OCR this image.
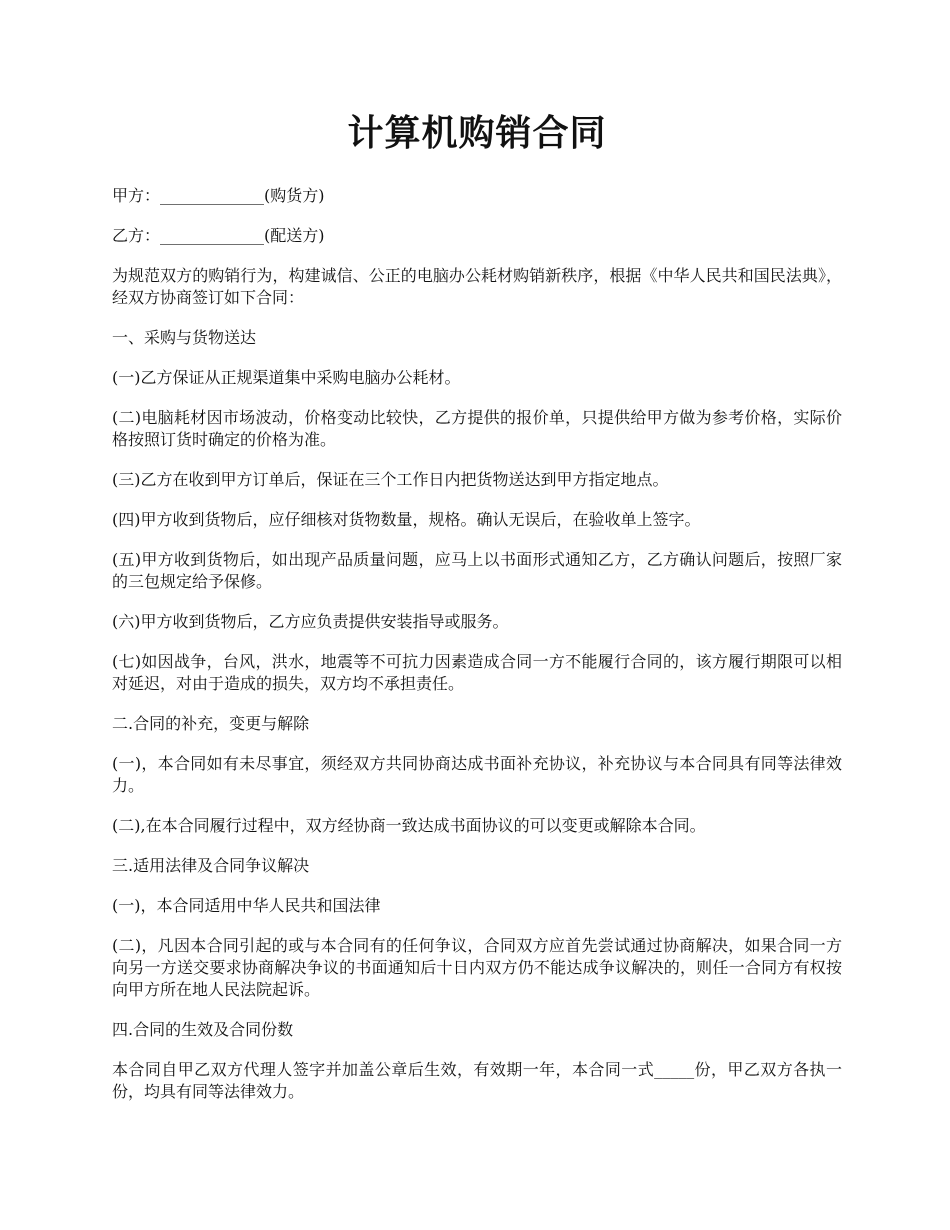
计算机购销合同

甲方：_____________(购货方)

乙方：_____________(配送方)

为规范双方的购销行为，构建诚信、公正的电脑办公耗材购销新秩序，根据《中华人民共和国民法典》，经双方协商签订如下合同：

一、采购与货物送达

(一)乙方保证从正规渠道集中采购电脑办公耗材。

(二)电脑耗材因市场波动，价格变动比较快，乙方提供的报价单，只提供给甲方做为参考价格，实际价格按照订货时确定的价格为准。

(三)乙方在收到甲方订单后，保证在三个工作日内把货物送达到甲方指定地点。

(四)甲方收到货物后，应仔细核对货物数量，规格。确认无误后，在验收单上签字。

(五)甲方收到货物后，如出现产品质量问题，应马上以书面形式通知乙方，乙方确认问题后，按照厂家的三包规定给予保修。

(六)甲方收到货物后，乙方应负责提供安装指导或服务。

(七)如因战争，台风，洪水，地震等不可抗力因素造成合同一方不能履行合同的，该方履行期限可以相对延迟，对由于造成的损失，双方均不承担责任。

二.合同的补充，变更与解除

(一)，本合同如有未尽事宜，须经双方共同协商达成书面补充协议，补充协议与本合同具有同等法律效力。

(二),在本合同履行过程中，双方经协商一致达成书面协议的可以变更或解除本合同。

三.适用法律及合同争议解决

(一)，本合同适用中华人民共和国法律

(二)，凡因本合同引起的或与本合同有的任何争议，合同双方应首先尝试通过协商解决，如果合同一方向另一方送交要求协商解决争议的书面通知后十日内双方仍不能达成争议解决的，则任一合同方有权按向甲方所在地人民法院起诉。

四.合同的生效及合同份数

本合同自甲乙双方代理人签字并加盖公章后生效，有效期一年，本合同一式_____份，甲乙双方各执一份，均具有同等法律效力。
